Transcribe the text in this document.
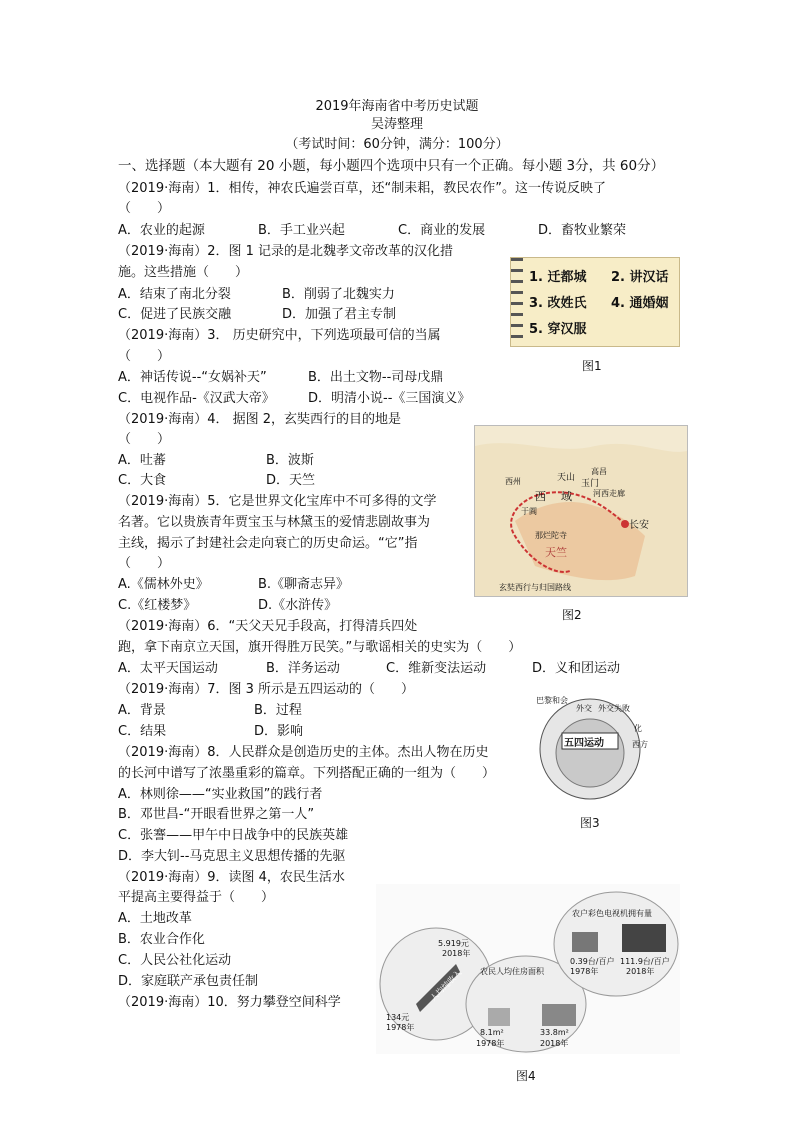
2019年海南省中考历史试题
吴涛整理
（考试时间：60分钟，满分：100分）
一、选择题（本大题有 20 小题，每小题四个选项中只有一个正确。每小题 3分，共 60分）
（2019·海南）1．相传，神农氏遍尝百草，还“制耒耜，教民农作”。这一传说反映了
（　　）
A．农业的起源	B．手工业兴起	C．商业的发展	D．畜牧业繁荣
（2019·海南）2．图 1 记录的是北魏孝文帝改革的汉化措
施。这些措施（　　）
A．结束了南北分裂	B．削弱了北魏实力
C．促进了民族交融	D．加强了君主专制
（2019·海南）3． 历史研究中，下列选项最可信的当属
（　　）
A．神话传说--“女娲补天”	B．出土文物--司母戊鼎
C．电视作品-《汉武大帝》	D．明清小说--《三国演义》
（2019·海南）4． 据图 2，玄奘西行的目的地是
（　　）
A．吐蕃	B．波斯
C．大食	D．天竺
（2019·海南）5．它是世界文化宝库中不可多得的文学
名著。它以贵族青年贾宝玉与林黛玉的爱情悲剧故事为
主线，揭示了封建社会走向衰亡的历史命运。“它”指
（　　）
A.《儒林外史》	B.《聊斋志异》
C.《红楼梦》	D.《水浒传》
（2019·海南）6．“天父天兄手段高，打得清兵四处
跑，拿下南京立天国，旗开得胜万民笑。”与歌谣相关的史实为（　　）
A．太平天国运动	B．洋务运动	C．维新变法运动	D．义和团运动
（2019·海南）7．图 3 所示是五四运动的（　　）
A．背景	B．过程
C．结果	D．影响
（2019·海南）8．人民群众是创造历史的主体。杰出人物在历史
的长河中谱写了浓墨重彩的篇章。下列搭配正确的一组为（　　）
A．林则徐——“实业救国”的践行者
B．邓世昌-“开眼看世界之第一人”
C．张謇——甲午中日战争中的民族英雄
D．李大钊--马克思主义思想传播的先驱
（2019·海南）9．读图 4，农民生活水
平提高主要得益于（　　）
A．土地改革
B．农业合作化
C．人民公社化运动
D．家庭联产承包责任制
（2019·海南）10．努力攀登空间科学
1. 迁都城 2. 讲汉话
3. 改姓氏 4. 通婚姻
5. 穿汉服
图1
天山
西 域
玉门
河西走廊
长安
高昌
于阗
西州
那烂陀寺
天竺
玄奘西行与归国路线
图2
五四运动
巴黎和会
外交 外交失败
西方
化
图3
农户彩色电视机拥有量
0.39台/百户
1978年
111.9台/百户
2018年
农民人均住房面积
8.1m²
1978年
33.8m²
2018年
5.919元
2018年
134元
1978年
人均纯收入
图4
